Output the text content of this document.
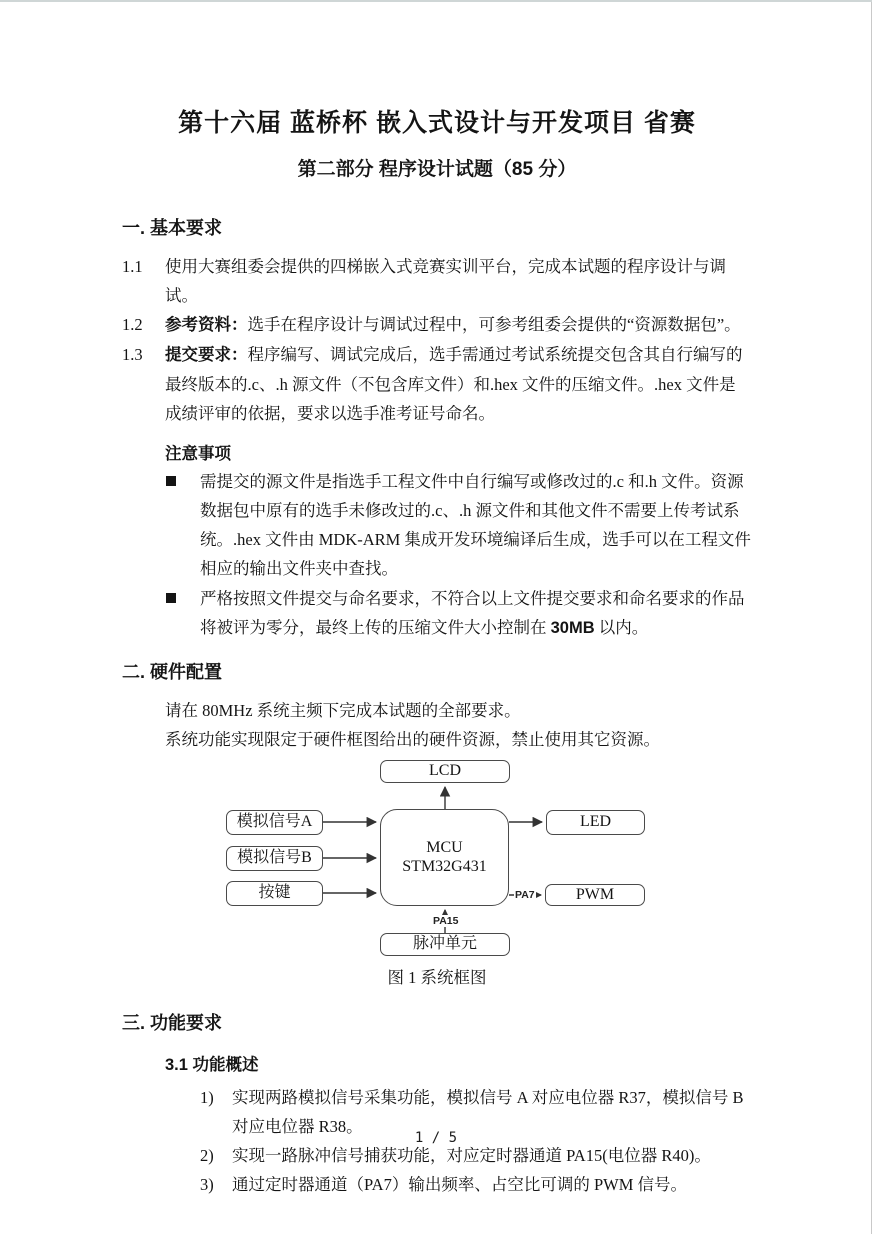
第十六届 蓝桥杯 嵌入式设计与开发项目 省赛
第二部分 程序设计试题（85 分）
一. 基本要求
1.1 使用大赛组委会提供的四梯嵌入式竞赛实训平台，完成本试题的程序设计与调试。
1.2 参考资料：选手在程序设计与调试过程中，可参考组委会提供的“资源数据包”。
1.3 提交要求：程序编写、调试完成后，选手需通过考试系统提交包含其自行编写的最终版本的.c、.h 源文件（不包含库文件）和.hex 文件的压缩文件。.hex 文件是成绩评审的依据，要求以选手准考证号命名。
注意事项
需提交的源文件是指选手工程文件中自行编写或修改过的.c 和.h 文件。资源数据包中原有的选手未修改过的.c、.h 源文件和其他文件不需要上传考试系统。.hex 文件由 MDK-ARM 集成开发环境编译后生成，选手可以在工程文件相应的输出文件夹中查找。
严格按照文件提交与命名要求，不符合以上文件提交要求和命名要求的作品将被评为零分，最终上传的压缩文件大小控制在 30MB 以内。
二. 硬件配置
请在 80MHz 系统主频下完成本试题的全部要求。
系统功能实现限定于硬件框图给出的硬件资源，禁止使用其它资源。
LCD
模拟信号A
模拟信号B
按键
MCU
STM32G431
LED
PWM
脉冲单元
PA7
PA15
图 1 系统框图
三. 功能要求
3.1 功能概述
1) 实现两路模拟信号采集功能，模拟信号 A 对应电位器 R37，模拟信号 B 对应电位器 R38。
2) 实现一路脉冲信号捕获功能，对应定时器通道 PA15(电位器 R40)。
3) 通过定时器通道（PA7）输出频率、占空比可调的 PWM 信号。
1 / 5
